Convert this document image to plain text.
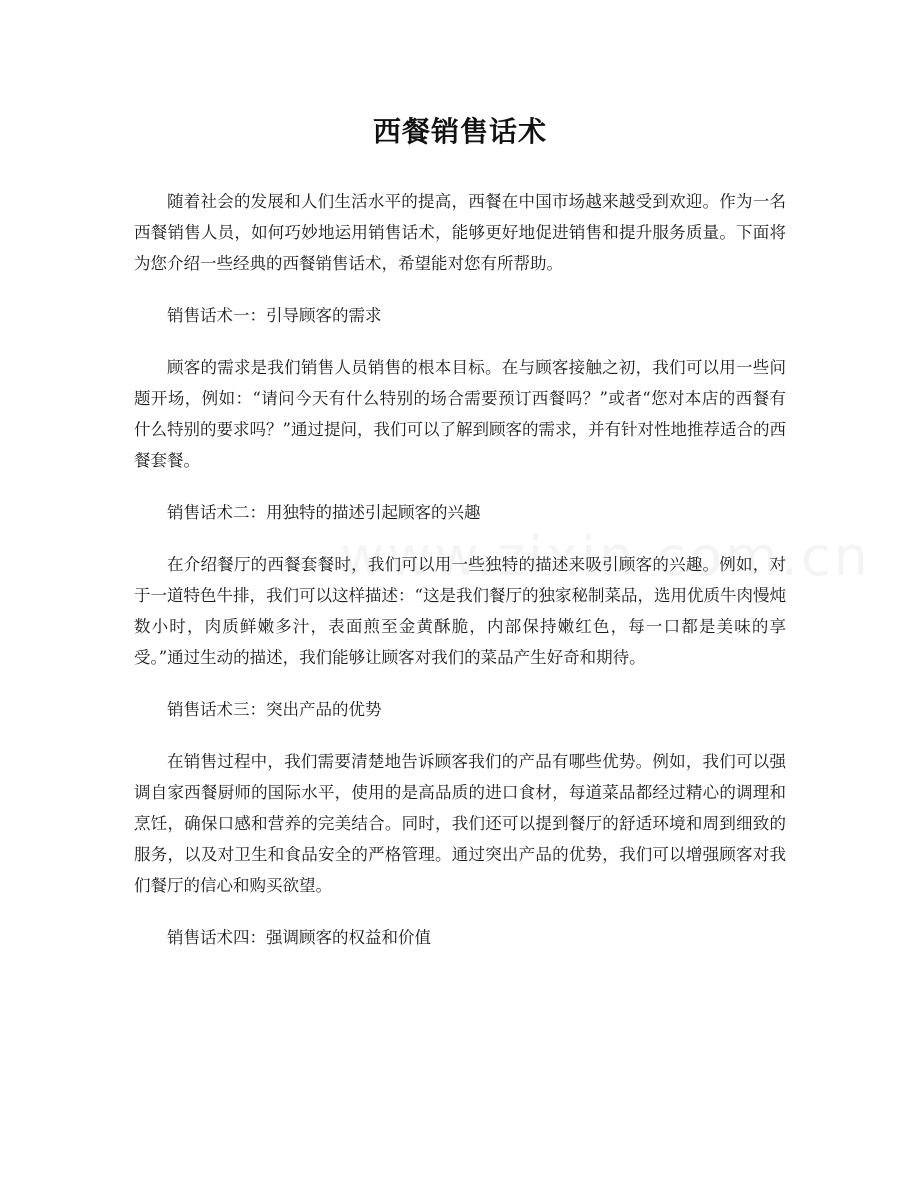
西餐销售话术

随着社会的发展和人们生活水平的提高，西餐在中国市场越来越受到欢迎。作为一名西餐销售人员，如何巧妙地运用销售话术，能够更好地促进销售和提升服务质量。下面将为您介绍一些经典的西餐销售话术，希望能对您有所帮助。

销售话术一：引导顾客的需求

顾客的需求是我们销售人员销售的根本目标。在与顾客接触之初，我们可以用一些问题开场，例如：“请问今天有什么特别的场合需要预订西餐吗？”或者“您对本店的西餐有什么特别的要求吗？”通过提问，我们可以了解到顾客的需求，并有针对性地推荐适合的西餐套餐。

销售话术二：用独特的描述引起顾客的兴趣

在介绍餐厅的西餐套餐时，我们可以用一些独特的描述来吸引顾客的兴趣。例如，对于一道特色牛排，我们可以这样描述：“这是我们餐厅的独家秘制菜品，选用优质牛肉慢炖数小时，肉质鲜嫩多汁，表面煎至金黄酥脆，内部保持嫩红色，每一口都是美味的享受。”通过生动的描述，我们能够让顾客对我们的菜品产生好奇和期待。

销售话术三：突出产品的优势

在销售过程中，我们需要清楚地告诉顾客我们的产品有哪些优势。例如，我们可以强调自家西餐厨师的国际水平，使用的是高品质的进口食材，每道菜品都经过精心的调理和烹饪，确保口感和营养的完美结合。同时，我们还可以提到餐厅的舒适环境和周到细致的服务，以及对卫生和食品安全的严格管理。通过突出产品的优势，我们可以增强顾客对我们餐厅的信心和购买欲望。

销售话术四：强调顾客的权益和价值
